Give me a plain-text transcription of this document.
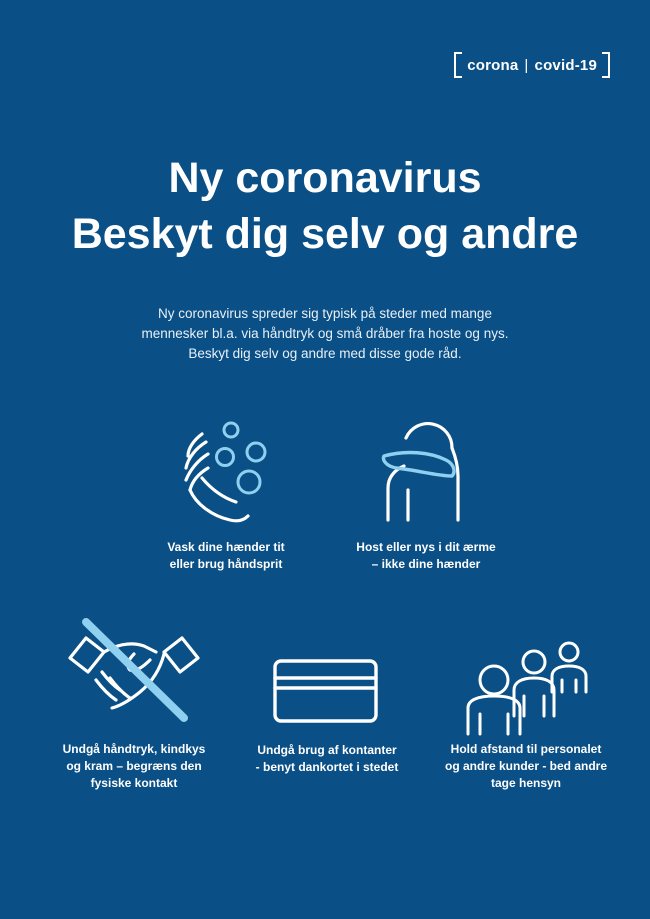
corona | covid-19
Ny coronavirus
Beskyt dig selv og andre
Ny coronavirus spreder sig typisk på steder med mange
mennesker bl.a. via håndtryk og små dråber fra hoste og nys.
Beskyt dig selv og andre med disse gode råd.
Vask dine hænder tit
eller brug håndsprit
Host eller nys i dit ærme
– ikke dine hænder
Undgå håndtryk, kindkys
og kram – begræns den
fysiske kontakt
Undgå brug af kontanter
- benyt dankortet i stedet
Hold afstand til personalet
og andre kunder - bed andre
tage hensyn
